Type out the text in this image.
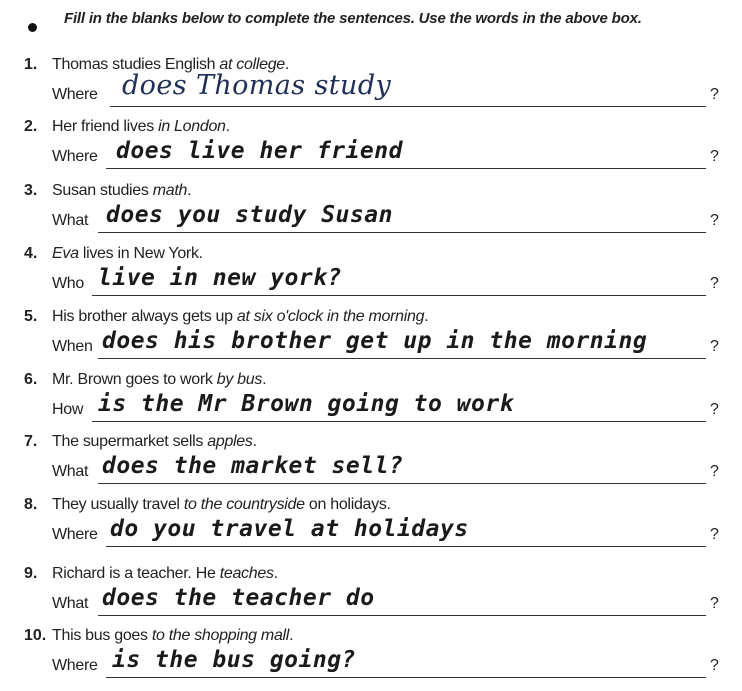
Fill in the blanks below to complete the sentences. Use the words in the above box.
1. Thomas studies English at college.
Where does Thomas study	?
2. Her friend lives in London.
Where does live her friend	?
3. Susan studies math.
What does you study Susan	?
4. Eva lives in New York.
Who live in new york?	?
5. His brother always gets up at six o'clock in the morning.
When does his brother get up in the morning	?
6. Mr. Brown goes to work by bus.
How is the Mr Brown going to work	?
7. The supermarket sells apples.
What does the market sell?	?
8. They usually travel to the countryside on holidays.
Where do you travel at holidays	?
9. Richard is a teacher. He teaches.
What does the teacher do	?
10. This bus goes to the shopping mall.
Where is the bus going?	?
